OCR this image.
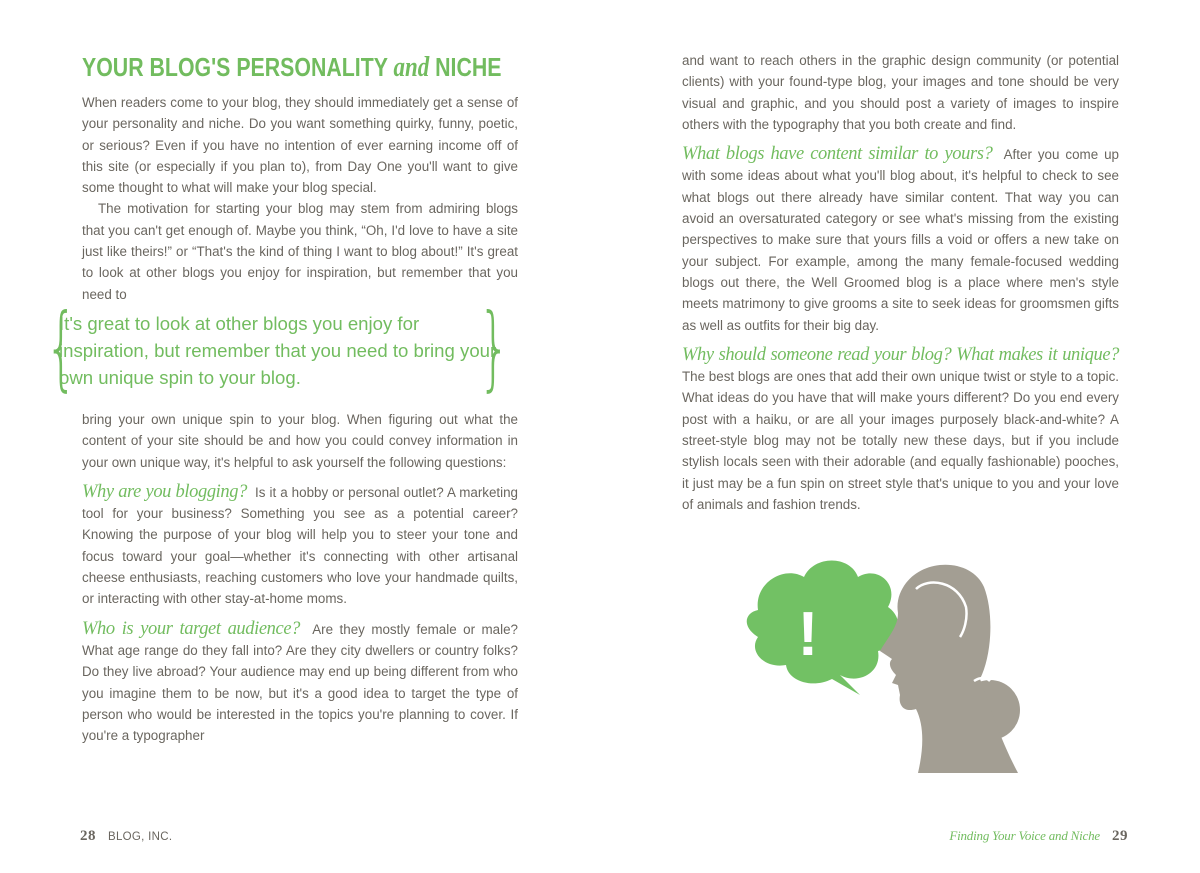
YOUR BLOG'S PERSONALITY and NICHE

When readers come to your blog, they should immediately get a sense of your personality and niche. Do you want something quirky, funny, poetic, or serious? Even if you have no intention of ever earning income off of this site (or especially if you plan to), from Day One you'll want to give some thought to what will make your blog special.

The motivation for starting your blog may stem from admiring blogs that you can't get enough of. Maybe you think, “Oh, I'd love to have a site just like theirs!” or “That's the kind of thing I want to blog about!” It's great to look at other blogs you enjoy for inspiration, but remember that you need to

{
It's great to look at other blogs you enjoy for inspiration, but remember that you need to bring your own unique spin to your blog.	}

bring your own unique spin to your blog. When figuring out what the content of your site should be and how you could convey information in your own unique way, it's helpful to ask yourself the following questions:

Why are you blogging? Is it a hobby or personal outlet? A marketing tool for your business? Something you see as a potential career? Knowing the purpose of your blog will help you to steer your tone and focus toward your goal—whether it's connecting with other artisanal cheese enthusiasts, reaching customers who love your handmade quilts, or interacting with other stay-at-home moms.

Who is your target audience? Are they mostly female or male? What age range do they fall into? Are they city dwellers or country folks? Do they live abroad? Your audience may end up being different from who you imagine them to be now, but it's a good idea to target the type of person who would be interested in the topics you're planning to cover. If you're a typographer

28 BLOG, INC.

and want to reach others in the graphic design community (or potential clients) with your found-type blog, your images and tone should be very visual and graphic, and you should post a variety of images to inspire others with the typography that you both create and find.

What blogs have content similar to yours? After you come up with some ideas about what you'll blog about, it's helpful to check to see what blogs out there already have similar content. That way you can avoid an oversaturated category or see what's missing from the existing perspectives to make sure that yours fills a void or offers a new take on your subject. For example, among the many female-focused wedding blogs out there, the Well Groomed blog is a place where men's style meets matrimony to give grooms a site to seek ideas for groomsmen gifts as well as outfits for their big day.

Why should someone read your blog? What makes it unique? The best blogs are ones that add their own unique twist or style to a topic. What ideas do you have that will make yours different? Do you end every post with a haiku, or are all your images purposely black-and-white? A street-style blog may not be totally new these days, but if you include stylish locals seen with their adorable (and equally fashionable) pooches, it just may be a fun spin on street style that's unique to you and your love of animals and fashion trends.

!
Finding Your Voice and Niche 29
